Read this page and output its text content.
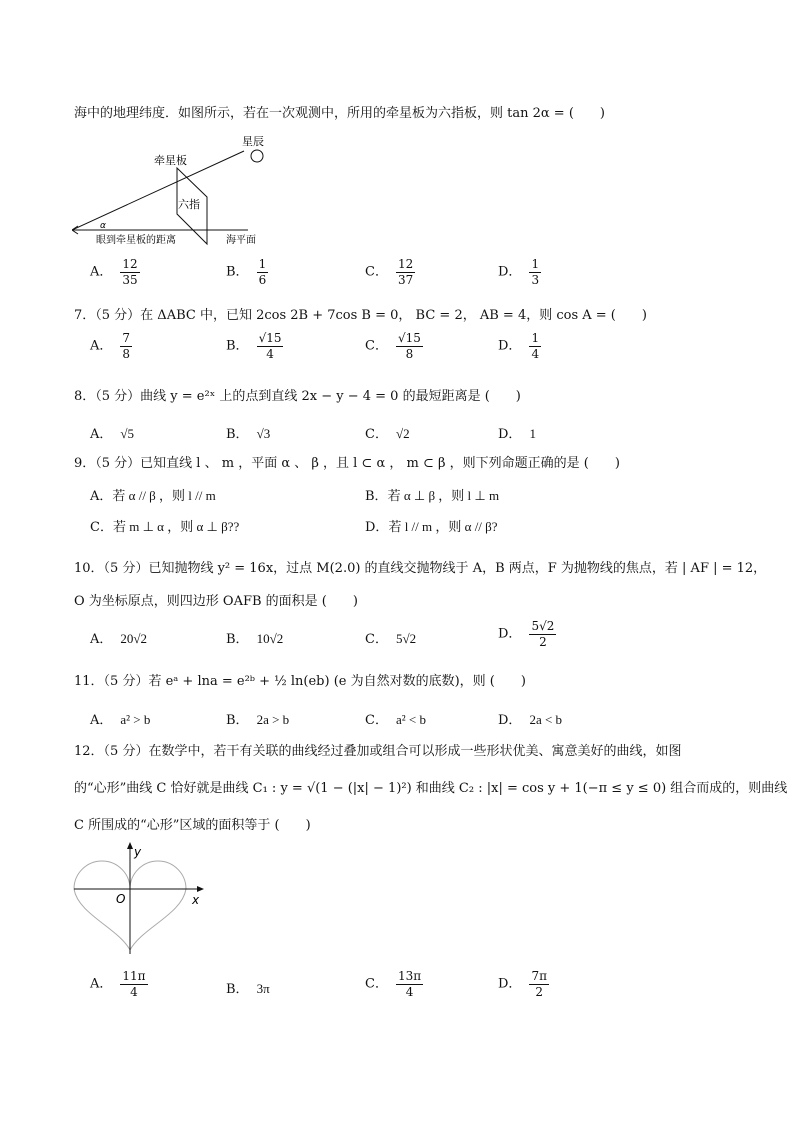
海中的地理纬度．如图所示，若在一次观测中，所用的牵星板为六指板，则 tan 2α = (　　)
星辰
牵星板
六指
α
眼到牵星板的距离	海平面
A． $\frac{12}{35}$	B． $\frac{1}{6}$	C． $\frac{12}{37}$	D． $\frac{1}{3}$
7．（5 分）在 ΔABC 中，已知 2cos 2B + 7cos B = 0， BC = 2， AB = 4，则 cos A = (　　)
A． $\frac{7}{8}$	B． $\frac{√15}{4}$	C． $\frac{√15}{8}$	D． $\frac{1}{4}$
8．（5 分）曲线 y = e²ˣ 上的点到直线 2x − y − 4 = 0 的最短距离是 (　　)
A． √5	B． √3	C． √2	D． 1
9．（5 分）已知直线 l 、 m ，平面 α 、 β ，且 l ⊂ α ， m ⊂ β ，则下列命题正确的是 (　　)
A．若 α // β ，则 l // m	B．若 α ⊥ β ，则 l ⊥ m
C．若 m ⊥ α ，则 α ⊥ β??	D．若 l // m ，则 α // β?
10．（5 分）已知抛物线 y² = 16x，过点 M(2.0) 的直线交抛物线于 A，B 两点，F 为抛物线的焦点，若 | AF | = 12，
O 为坐标原点，则四边形 OAFB 的面积是 (　　)
A． 20√2	B． 10√2	C． 5√2	D． $\frac{5√2}{2}$
11．（5 分）若 eᵃ + lna = e²ᵇ + ½ ln(eb) (e 为自然对数的底数)，则 (　　)
A． a² > b	B． 2a > b	C． a² < b	D． 2a < b
12．（5 分）在数学中，若干有关联的曲线经过叠加或组合可以形成一些形状优美、寓意美好的曲线，如图
的“心形”曲线 C 恰好就是曲线 C₁ : y = √(1 − (|x| − 1)²) 和曲线 C₂ : |x| = cos y + 1(−π ≤ y ≤ 0) 组合而成的，则曲线
C 所围成的“心形”区域的面积等于 (　　)
y
O	x
A． $\frac{11\pi}{4}$	B． 3π	C． $\frac{13\pi}{4}$	D． $\frac{7\pi}{2}$
